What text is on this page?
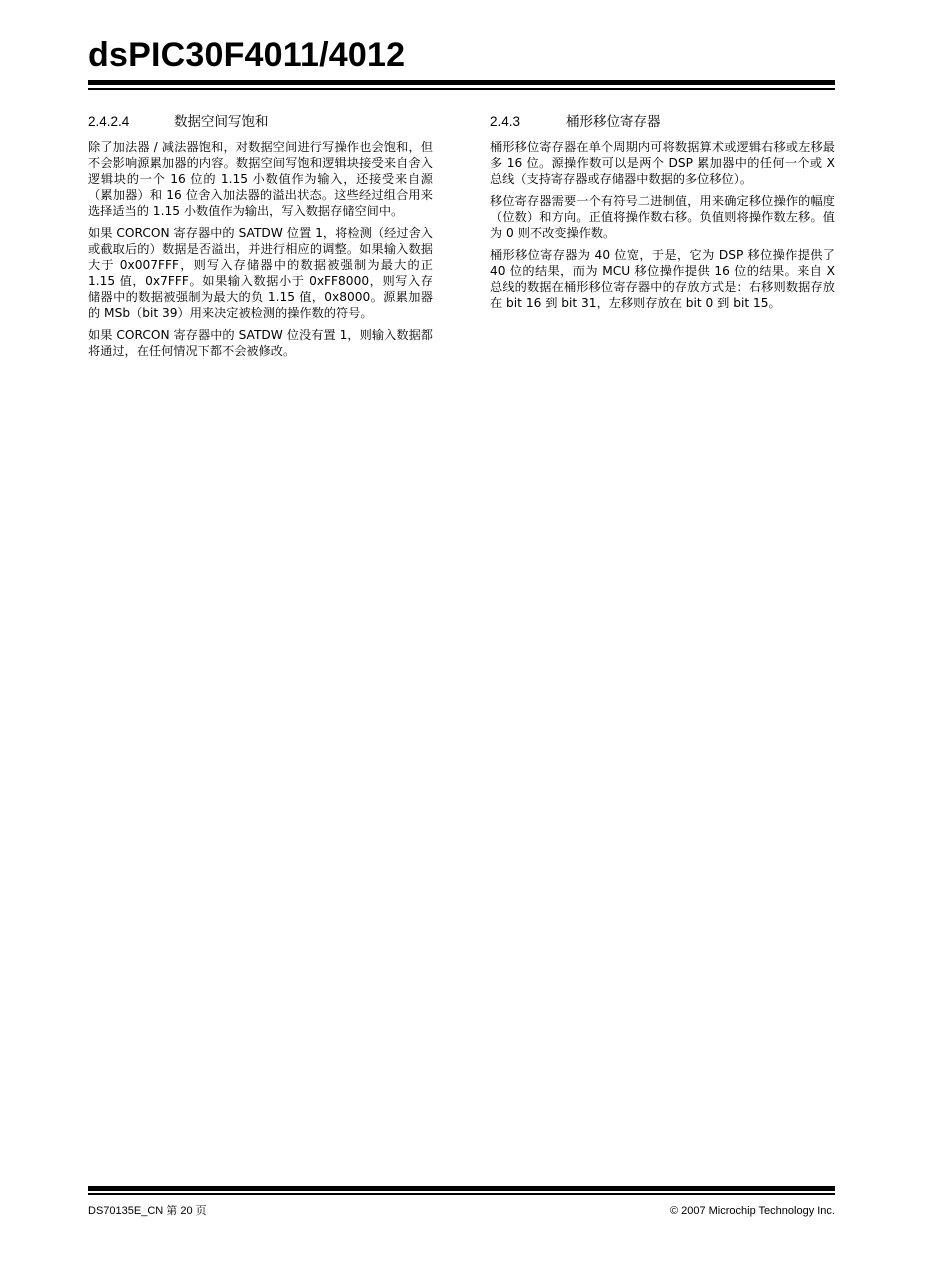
dsPIC30F4011/4012
2.4.2.4	数据空间写饱和

除了加法器 / 减法器饱和，对数据空间进行写操作也会饱和，但不会影响源累加器的内容。数据空间写饱和逻辑块接受来自舍入逻辑块的一个 16 位的 1.15 小数值作为输入，还接受来自源（累加器）和 16 位舍入加法器的溢出状态。这些经过组合用来选择适当的 1.15 小数值作为输出，写入数据存储空间中。

如果 CORCON 寄存器中的 SATDW 位置 1，将检测（经过舍入或截取后的）数据是否溢出，并进行相应的调整。如果输入数据大于 0x007FFF，则写入存储器中的数据被强制为最大的正 1.15 值，0x7FFF。如果输入数据小于 0xFF8000，则写入存储器中的数据被强制为最大的负 1.15 值，0x8000。源累加器的 MSb（bit 39）用来决定被检测的操作数的符号。

如果 CORCON 寄存器中的 SATDW 位没有置 1，则输入数据都将通过，在任何情况下都不会被修改。

2.4.3	桶形移位寄存器

桶形移位寄存器在单个周期内可将数据算术或逻辑右移或左移最多 16 位。源操作数可以是两个 DSP 累加器中的任何一个或 X 总线（支持寄存器或存储器中数据的多位移位）。

移位寄存器需要一个有符号二进制值，用来确定移位操作的幅度（位数）和方向。正值将操作数右移。负值则将操作数左移。值为 0 则不改变操作数。

桶形移位寄存器为 40 位宽，于是，它为 DSP 移位操作提供了 40 位的结果，而为 MCU 移位操作提供 16 位的结果。来自 X 总线的数据在桶形移位寄存器中的存放方式是：右移则数据存放在 bit 16 到 bit 31，左移则存放在 bit 0 到 bit 15。

DS70135E_CN 第 20 页	© 2007 Microchip Technology Inc.
